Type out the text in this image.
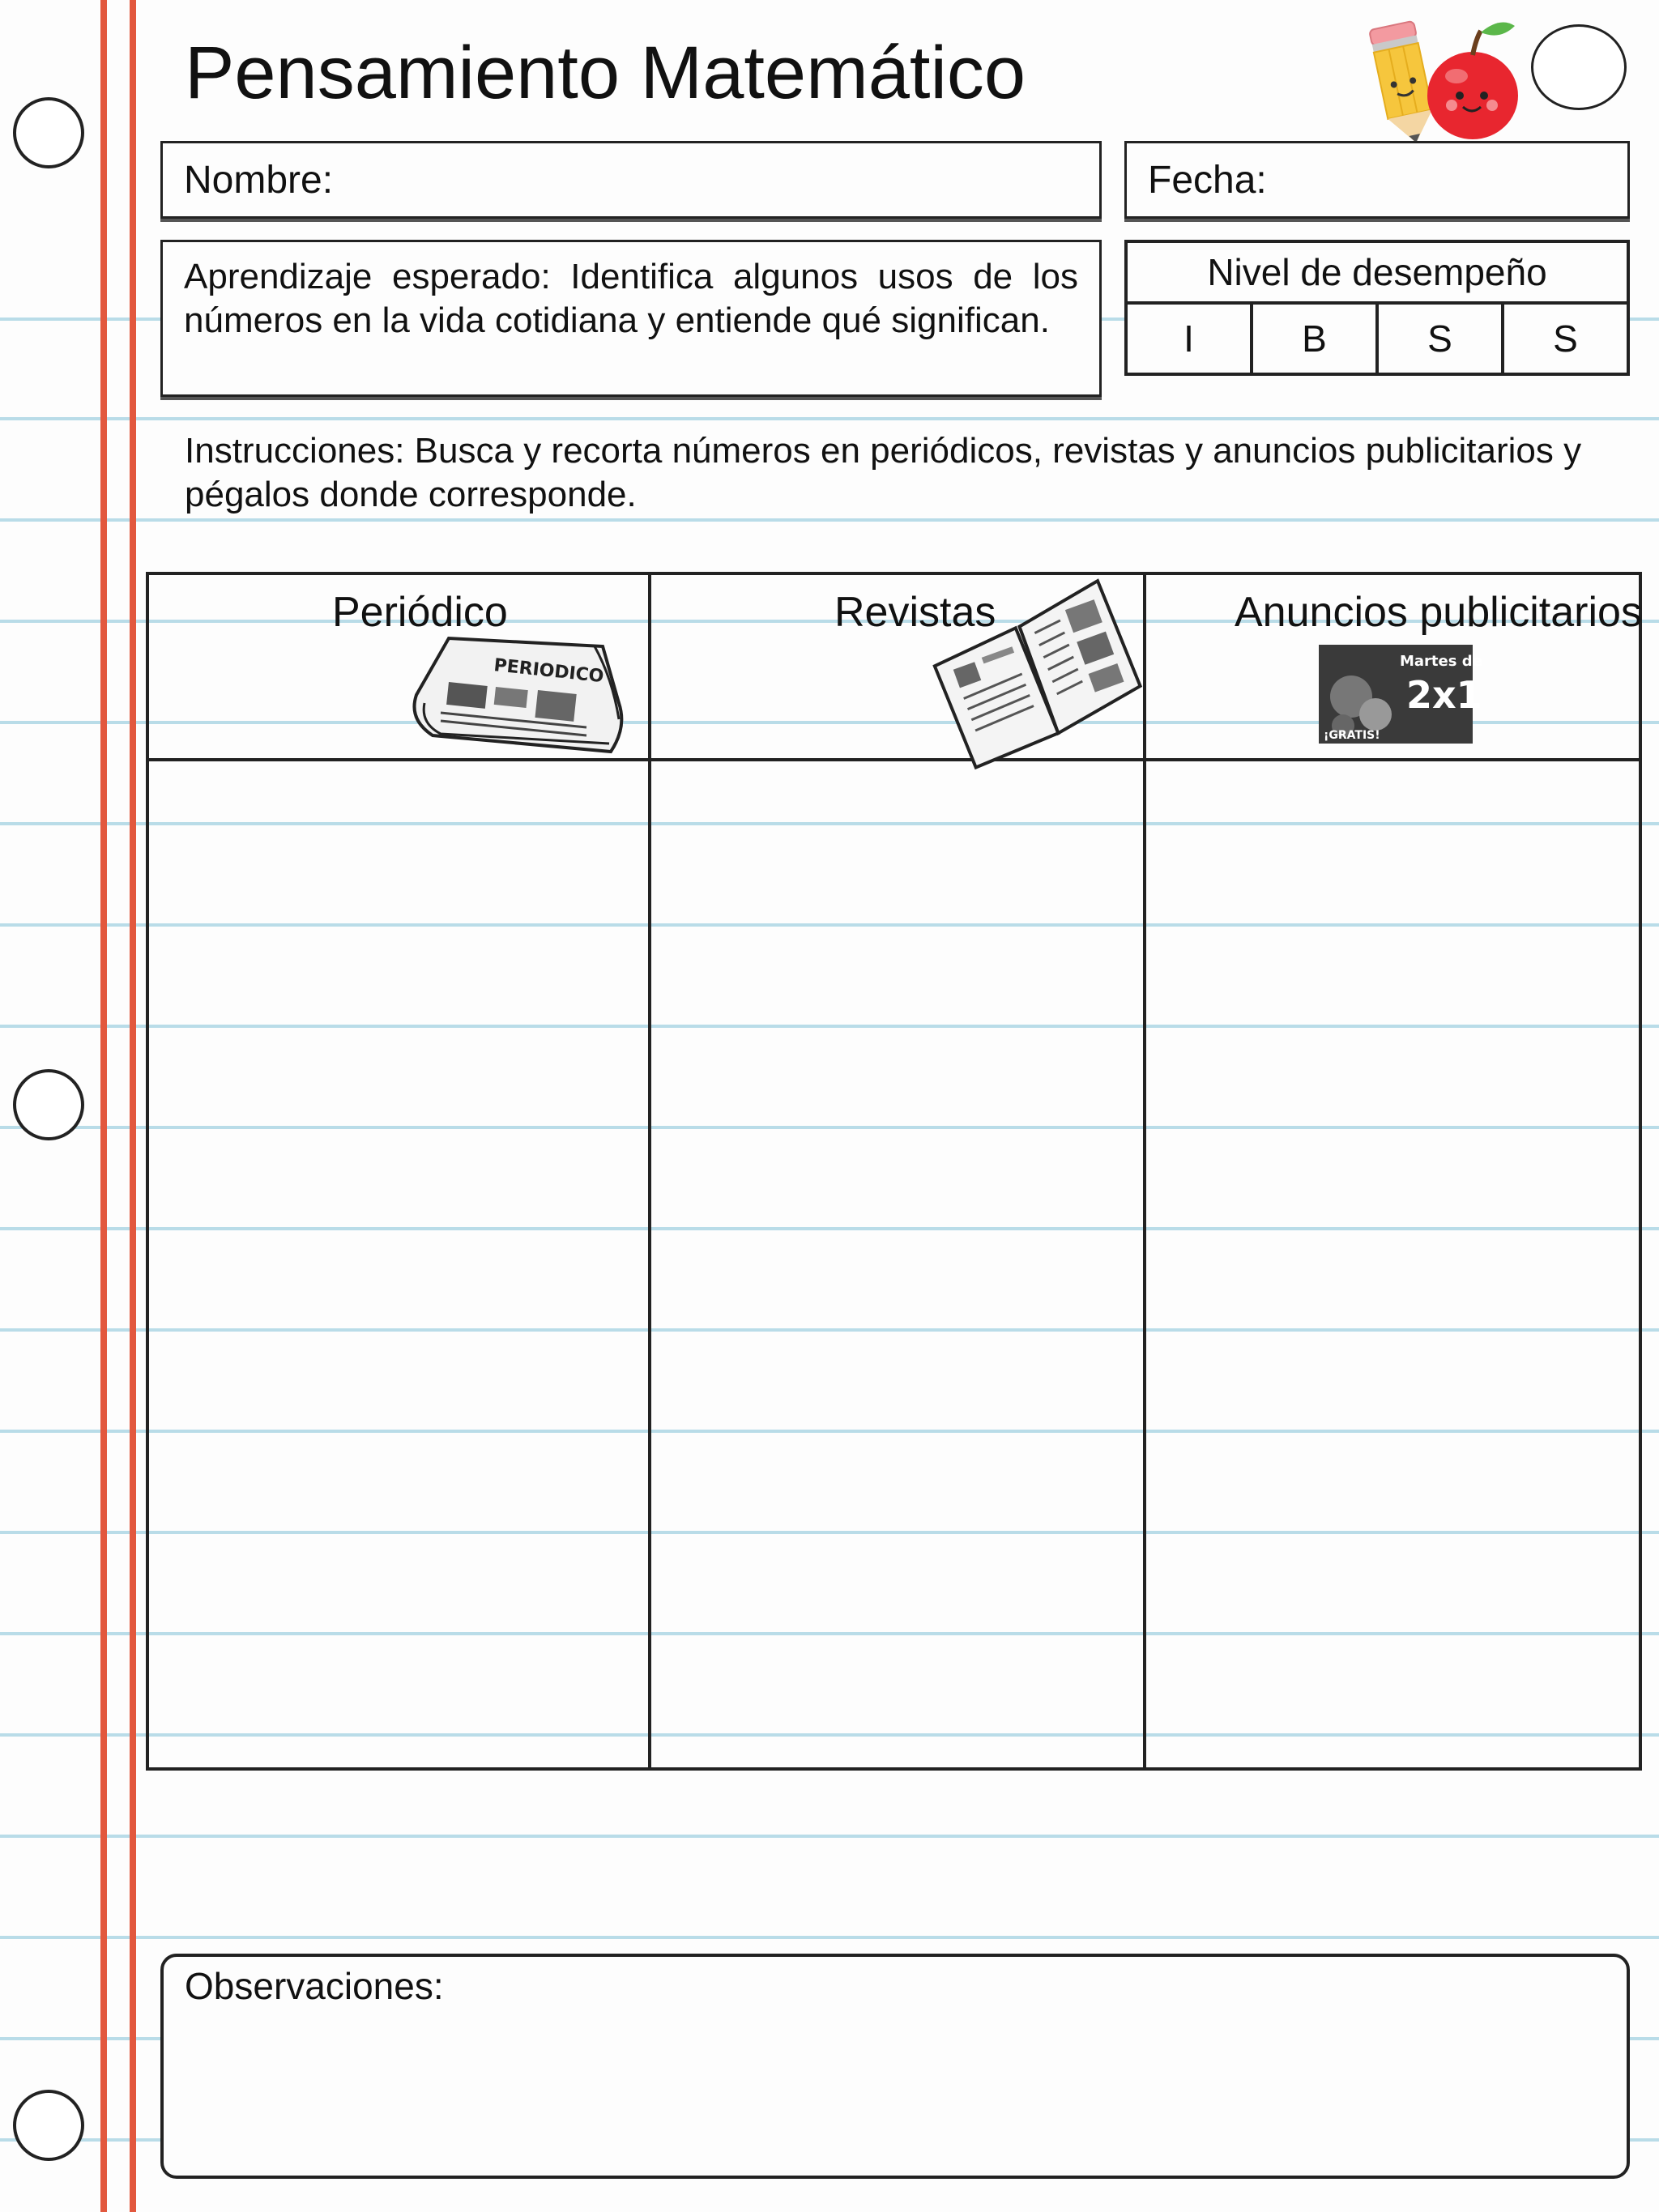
Pensamiento Matemático
Nombre:	Fecha:
Aprendizaje esperado: Identifica algunos usos de los números en la vida cotidiana y entiende qué significan.
Nivel de desempeño
I	B	S	S
Instrucciones: Busca y recorta números en periódicos, revistas y anuncios publicitarios y pégalos donde corresponde.
Periódico	Revistas	Anuncios publicitarios
PERIODICO	Martes de
2x1
¡GRATIS!
Observaciones:
